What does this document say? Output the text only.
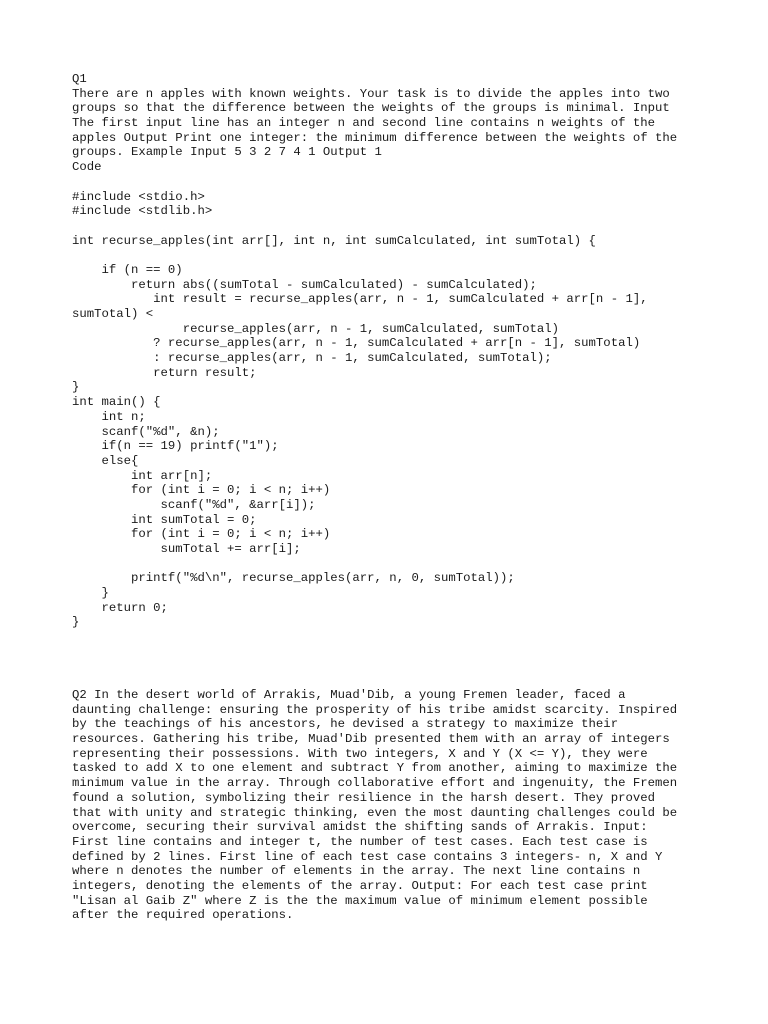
Q1
There are n apples with known weights. Your task is to divide the apples into two
groups so that the difference between the weights of the groups is minimal. Input
The first input line has an integer n and second line contains n weights of the
apples Output Print one integer: the minimum difference between the weights of the
groups. Example Input 5 3 2 7 4 1 Output 1
Code
#include <stdio.h>
#include <stdlib.h>
int recurse_apples(int arr[], int n, int sumCalculated, int sumTotal) {
if (n == 0)
return abs((sumTotal - sumCalculated) - sumCalculated);
int result = recurse_apples(arr, n - 1, sumCalculated + arr[n - 1],
sumTotal) <
recurse_apples(arr, n - 1, sumCalculated, sumTotal)
? recurse_apples(arr, n - 1, sumCalculated + arr[n - 1], sumTotal)
: recurse_apples(arr, n - 1, sumCalculated, sumTotal);
return result;
}
int main() {
int n;
scanf("%d", &n);
if(n == 19) printf("1");
else{
int arr[n];
for (int i = 0; i < n; i++)
scanf("%d", &arr[i]);
int sumTotal = 0;
for (int i = 0; i < n; i++)
sumTotal += arr[i];
printf("%d\n", recurse_apples(arr, n, 0, sumTotal));
}
return 0;
}
Q2 In the desert world of Arrakis, Muad'Dib, a young Fremen leader, faced a
daunting challenge: ensuring the prosperity of his tribe amidst scarcity. Inspired
by the teachings of his ancestors, he devised a strategy to maximize their
resources. Gathering his tribe, Muad'Dib presented them with an array of integers
representing their possessions. With two integers, X and Y (X <= Y), they were
tasked to add X to one element and subtract Y from another, aiming to maximize the
minimum value in the array. Through collaborative effort and ingenuity, the Fremen
found a solution, symbolizing their resilience in the harsh desert. They proved
that with unity and strategic thinking, even the most daunting challenges could be
overcome, securing their survival amidst the shifting sands of Arrakis. Input:
First line contains and integer t, the number of test cases. Each test case is
defined by 2 lines. First line of each test case contains 3 integers- n, X and Y
where n denotes the number of elements in the array. The next line contains n
integers, denoting the elements of the array. Output: For each test case print
"Lisan al Gaib Z" where Z is the the maximum value of minimum element possible
after the required operations.
